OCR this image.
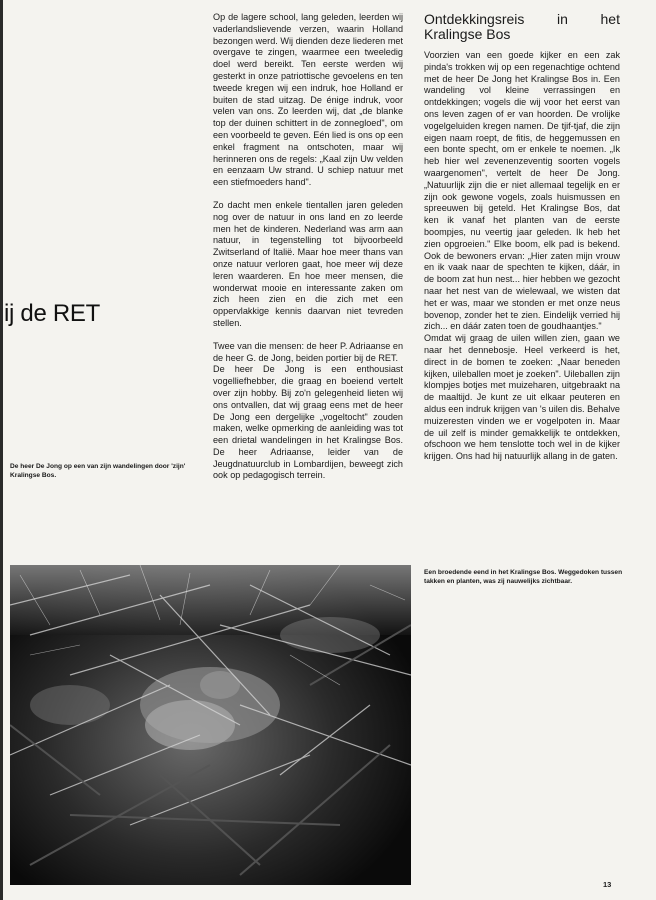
ij de RET

De heer De Jong op een van zijn wandelingen door 'zijn' Kralingse Bos.

Op de lagere school, lang geleden, leerden wij vaderlandslievende verzen, waarin Holland bezongen werd. Wij dienden deze liederen met overgave te zingen, waarmee een tweeledig doel werd bereikt. Ten eerste werden wij gesterkt in onze patriottische gevoelens en ten tweede kregen wij een indruk, hoe Holland er buiten de stad uitzag. De énige indruk, voor velen van ons. Zo leerden wij, dat „de blanke top der duinen schittert in de zonnegloed", om een voorbeeld te geven. Eén lied is ons op een enkel fragment na ontschoten, maar wij herinneren ons de regels: „Kaal zijn Uw velden en eenzaam Uw strand. U schiep natuur met een stiefmoeders hand".

Zo dacht men enkele tientallen jaren geleden nog over de natuur in ons land en zo leerde men het de kinderen. Nederland was arm aan natuur, in tegenstelling tot bijvoorbeeld Zwitserland of Italië. Maar hoe meer thans van onze natuur verloren gaat, hoe meer wij deze leren waarderen. En hoe meer mensen, die wonderwat mooie en interessante zaken om zich heen zien en die zich met een oppervlakkige kennis daarvan niet tevreden stellen.

Twee van die mensen: de heer P. Adriaanse en de heer G. de Jong, beiden portier bij de RET.
De heer De Jong is een enthousiast vogelliefhebber, die graag en boeiend vertelt over zijn hobby. Bij zo'n gelegenheid lieten wij ons ontvallen, dat wij graag eens met de heer De Jong een dergelijke „vogeltocht" zouden maken, welke opmerking de aanleiding was tot een drietal wandelingen in het Kralingse Bos. De heer Adriaanse, leider van de Jeugdnatuurclub in Lombardijen, beweegt zich ook op pedagogisch terrein.

Ontdekkingsreis in het Kralingse Bos

Voorzien van een goede kijker en een zak pinda's trokken wij op een regenachtige ochtend met de heer De Jong het Kralingse Bos in. Een wandeling vol kleine verrassingen en ontdekkingen; vogels die wij voor het eerst van ons leven zagen of er van hoorden. De vrolijke vogelgeluiden kregen namen. De tjif-tjaf, die zijn eigen naam roept, de fitis, de heggemussen en een bonte specht, om er enkele te noemen. „Ik heb hier wel zevenenzeventig soorten vogels waargenomen", vertelt de heer De Jong. „Natuurlijk zijn die er niet allemaal tegelijk en er zijn ook gewone vogels, zoals huismussen en spreeuwen bij geteld. Het Kralingse Bos, dat ken ik vanaf het planten van de eerste boompjes, nu veertig jaar geleden. Ik heb het zien opgroeien." Elke boom, elk pad is bekend. Ook de bewoners ervan: „Hier zaten mijn vrouw en ik vaak naar de spechten te kijken, dáár, in de boom zat hun nest... hier hebben we gezocht naar het nest van de wielewaal, we wisten dat het er was, maar we stonden er met onze neus bovenop, zonder het te zien. Eindelijk verried hij zich... en dáár zaten toen de goudhaantjes."
Omdat wij graag de uilen willen zien, gaan we naar het dennebosje. Heel verkeerd is het, direct in de bomen te zoeken: „Naar beneden kijken, uileballen moet je zoeken". Uileballen zijn klompjes botjes met muizeharen, uitgebraakt na de maaltijd. Je kunt ze uit elkaar peuteren en aldus een indruk krijgen van 's uilen dis. Behalve muizeresten vinden we er vogelpoten in. Maar de uil zelf is minder gemakkelijk te ontdekken, ofschoon we hem tenslotte toch wel in de kijker krijgen. Ons had hij natuurlijk allang in de gaten.

Een broedende eend in het Kralingse Bos. Weggedoken tussen takken en planten, was zij nauwelijks zichtbaar.

13
